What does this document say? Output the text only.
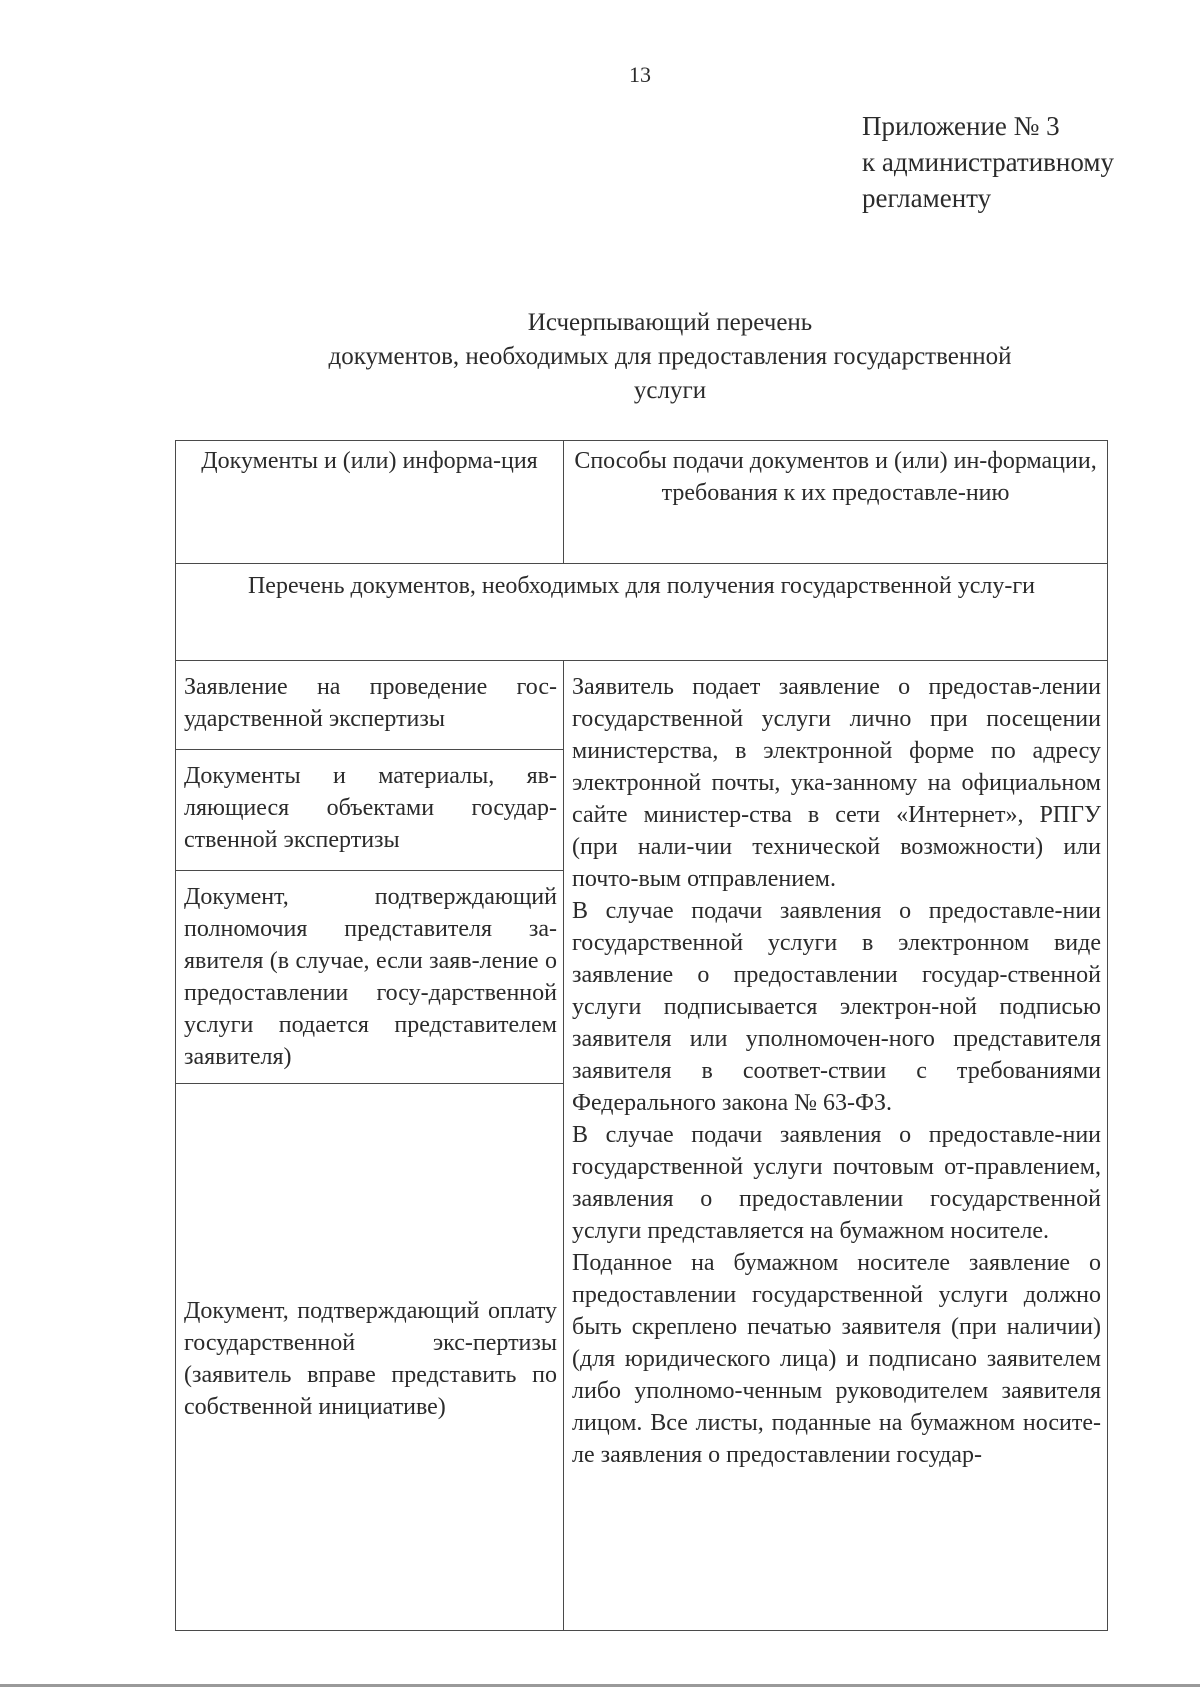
13
Приложение № 3
к административному
регламенту
Исчерпывающий перечень
документов, необходимых для предоставления государственной
услуги
Документы и (или) информа-ция	Способы подачи документов и (или) ин-формации, требования к их предоставле-нию
Перечень документов, необходимых для получения государственной услу-ги	
Заявление на проведение гос-ударственной экспертизы	Заявитель подает заявление о предостав-лении государственной услуги лично при посещении министерства, в электронной форме по адресу электронной почты, ука-занному на официальном сайте министер-ства в сети «Интернет», РПГУ (при нали-чии технической возможности) или почто-вым отправлением.

В случае подачи заявления о предоставле-нии государственной услуги в электронном виде заявление о предоставлении государ-ственной услуги подписывается электрон-ной подписью заявителя или уполномочен-ного представителя заявителя в соответ-ствии с требованиями Федерального закона № 63-ФЗ.

В случае подачи заявления о предоставле-нии государственной услуги почтовым от-правлением, заявления о предоставлении государственной услуги представляется на бумажном носителе.

Поданное на бумажном носителе заявление о предоставлении государственной услуги должно быть скреплено печатью заявителя (при наличии) (для юридического лица) и подписано заявителем либо уполномо-ченным руководителем заявителя лицом. Все листы, поданные на бумажном носите-ле заявления о предоставлении государ-

Документы и материалы, яв-ляющиеся объектами государ-ственной экспертизы	
Документ, подтверждающий полномочия представителя за-явителя (в случае, если заяв-ление о предоставлении госу-дарственной услуги подается представителем заявителя)	
Документ, подтверждающий оплату государственной экс-пертизы (заявитель вправе представить по собственной инициативе)	
